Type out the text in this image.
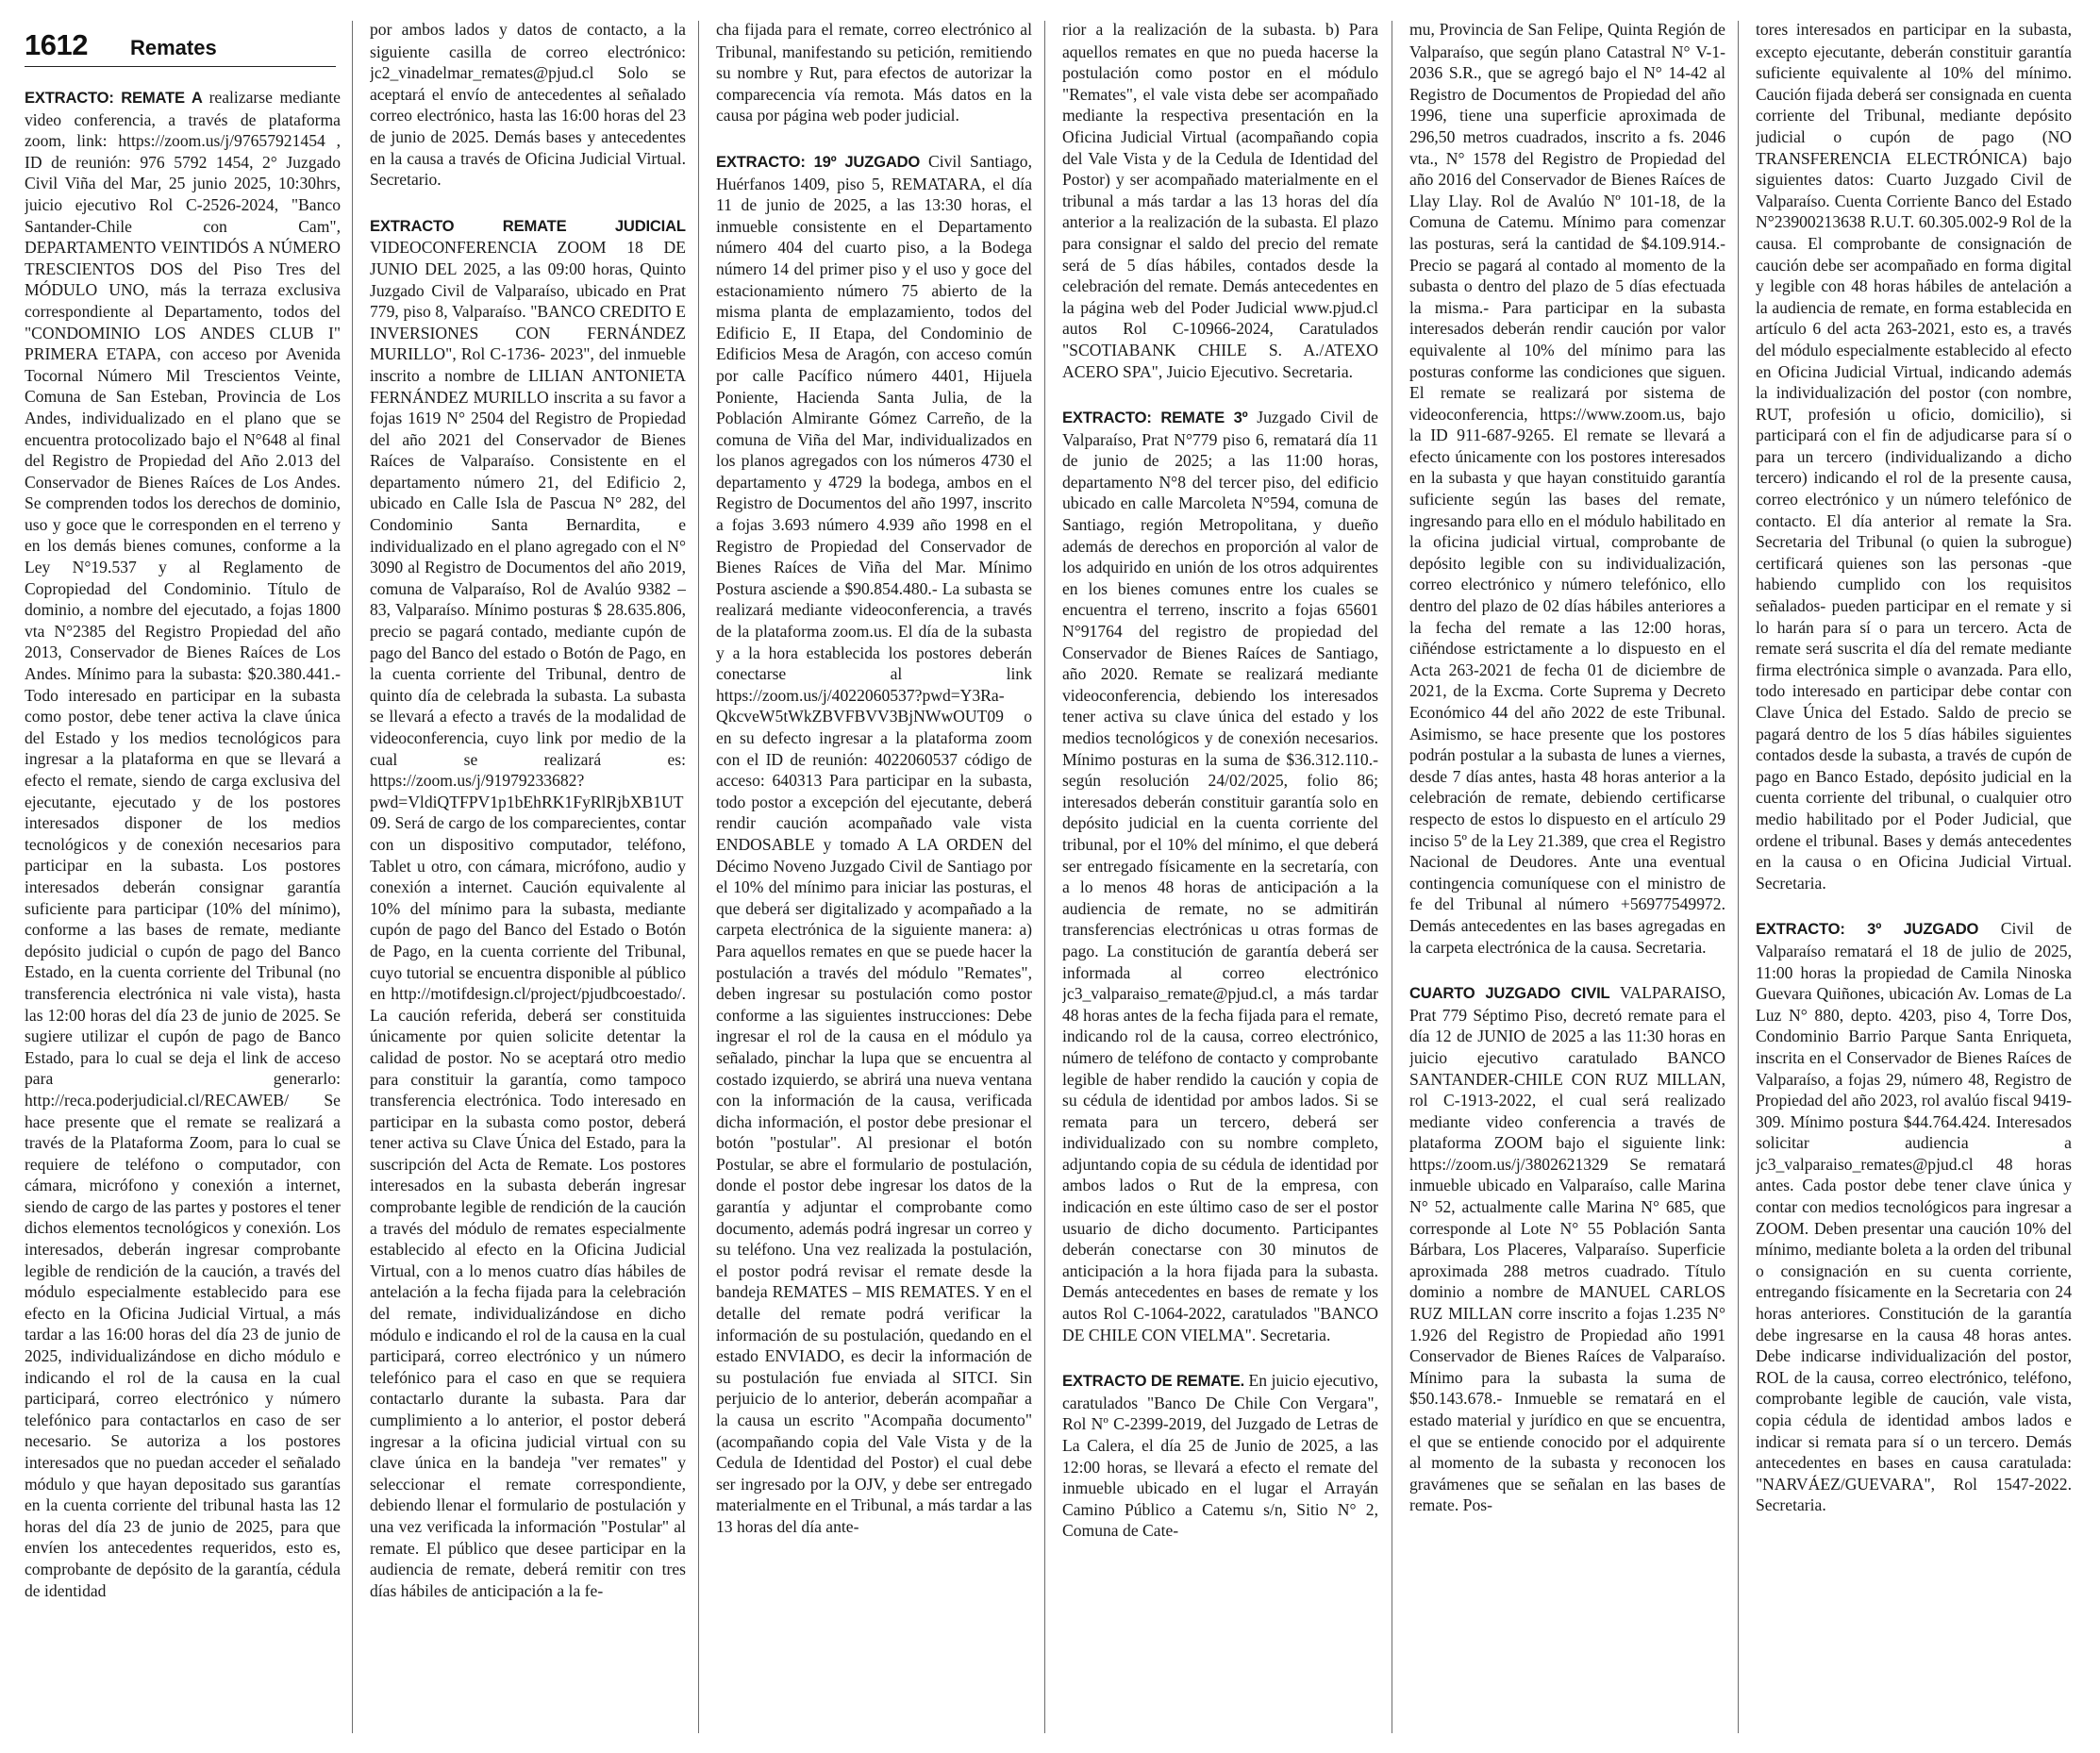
1612 Remates
EXTRACTO: REMATE A realizarse mediante video conferencia, a través de plataforma zoom, link: https://zoom.us/j/97657921454 , ID de reunión: 976 5792 1454, 2° Juzgado Civil Viña del Mar, 25 junio 2025, 10:30hrs, juicio ejecutivo Rol C-2526-2024, "Banco Santander-Chile con Cam", DEPARTAMENTO VEINTIDÓS A NÚMERO TRESCIENTOS DOS del Piso Tres del MÓDULO UNO, más la terraza exclusiva correspondiente al Departamento, todos del "CONDOMINIO LOS ANDES CLUB I" PRIMERA ETAPA, con acceso por Avenida Tocornal Número Mil Trescientos Veinte, Comuna de San Esteban, Provincia de Los Andes, individualizado en el plano que se encuentra protocolizado bajo el N°648 al final del Registro de Propiedad del Año 2.013 del Conservador de Bienes Raíces de Los Andes. Se comprenden todos los derechos de dominio, uso y goce que le corresponden en el terreno y en los demás bienes comunes, conforme a la Ley N°19.537 y al Reglamento de Copropiedad del Condominio. Título de dominio, a nombre del ejecutado, a fojas 1800 vta N°2385 del Registro Propiedad del año 2013, Conservador de Bienes Raíces de Los Andes. Mínimo para la subasta: $20.380.441.- Todo interesado en participar en la subasta como postor, debe tener activa la clave única del Estado y los medios tecnológicos para ingresar a la plataforma en que se llevará a efecto el remate, siendo de carga exclusiva del ejecutante, ejecutado y de los postores interesados disponer de los medios tecnológicos y de conexión necesarios para participar en la subasta. Los postores interesados deberán consignar garantía suficiente para participar (10% del mínimo), conforme a las bases de remate, mediante depósito judicial o cupón de pago del Banco Estado, en la cuenta corriente del Tribunal (no transferencia electrónica ni vale vista), hasta las 12:00 horas del día 23 de junio de 2025. Se sugiere utilizar el cupón de pago de Banco Estado, para lo cual se deja el link de acceso para generarlo: http://reca.poderjudicial.cl/RECAWEB/ Se hace presente que el remate se realizará a través de la Plataforma Zoom, para lo cual se requiere de teléfono o computador, con cámara, micrófono y conexión a internet, siendo de cargo de las partes y postores el tener dichos elementos tecnológicos y conexión. Los interesados, deberán ingresar comprobante legible de rendición de la caución, a través del módulo especialmente establecido para ese efecto en la Oficina Judicial Virtual, a más tardar a las 16:00 horas del día 23 de junio de 2025, individualizándose en dicho módulo e indicando el rol de la causa en la cual participará, correo electrónico y número telefónico para contactarlos en caso de ser necesario. Se autoriza a los postores interesados que no puedan acceder el señalado módulo y que hayan depositado sus garantías en la cuenta corriente del tribunal hasta las 12 horas del día 23 de junio de 2025, para que envíen los antecedentes requeridos, esto es, comprobante de depósito de la garantía, cédula de identidad
por ambos lados y datos de contacto, a la siguiente casilla de correo electrónico: jc2_vinadelmar_remates@pjud.cl Solo se aceptará el envío de antecedentes al señalado correo electrónico, hasta las 16:00 horas del 23 de junio de 2025. Demás bases y antecedentes en la causa a través de Oficina Judicial Virtual. Secretario.
EXTRACTO REMATE JUDICIAL VIDEOCONFERENCIA ZOOM 18 DE JUNIO DEL 2025, a las 09:00 horas, Quinto Juzgado Civil de Valparaíso, ubicado en Prat 779, piso 8, Valparaíso. "BANCO CREDITO E INVERSIONES CON FERNÁNDEZ MURILLO", Rol C-1736- 2023", del inmueble inscrito a nombre de LILIAN ANTONIETA FERNÁNDEZ MURILLO inscrita a su favor a fojas 1619 N° 2504 del Registro de Propiedad del año 2021 del Conservador de Bienes Raíces de Valparaíso. Consistente en el departamento número 21, del Edificio 2, ubicado en Calle Isla de Pascua N° 282, del Condominio Santa Bernardita, e individualizado en el plano agregado con el N° 3090 al Registro de Documentos del año 2019, comuna de Valparaíso, Rol de Avalúo 9382 – 83, Valparaíso. Mínimo posturas $ 28.635.806, precio se pagará contado, mediante cupón de pago del Banco del estado o Botón de Pago, en la cuenta corriente del Tribunal, dentro de quinto día de celebrada la subasta. La subasta se llevará a efecto a través de la modalidad de videoconferencia, cuyo link por medio de la cual se realizará es: https://zoom.us/j/91979233682?pwd=VldiQTFPV1p1bEhRK1FyRlRjbXB1UT09. Será de cargo de los comparecientes, contar con un dispositivo computador, teléfono, Tablet u otro, con cámara, micrófono, audio y conexión a internet. Caución equivalente al 10% del mínimo para la subasta, mediante cupón de pago del Banco del Estado o Botón de Pago, en la cuenta corriente del Tribunal, cuyo tutorial se encuentra disponible al público en http://motifdesign.cl/project/pjudbcoestado/. La caución referida, deberá ser constituida únicamente por quien solicite detentar la calidad de postor. No se aceptará otro medio para constituir la garantía, como tampoco transferencia electrónica. Todo interesado en participar en la subasta como postor, deberá tener activa su Clave Única del Estado, para la suscripción del Acta de Remate. Los postores interesados en la subasta deberán ingresar comprobante legible de rendición de la caución a través del módulo de remates especialmente establecido al efecto en la Oficina Judicial Virtual, con a lo menos cuatro días hábiles de antelación a la fecha fijada para la celebración del remate, individualizándose en dicho módulo e indicando el rol de la causa en la cual participará, correo electrónico y un número telefónico para el caso en que se requiera contactarlo durante la subasta. Para dar cumplimiento a lo anterior, el postor deberá ingresar a la oficina judicial virtual con su clave única en la bandeja "ver remates" y seleccionar el remate correspondiente, debiendo llenar el formulario de postulación y una vez verificada la información "Postular" al remate. El público que desee participar en la audiencia de remate, deberá remitir con tres días hábiles de anticipación a la fe-
cha fijada para el remate, correo electrónico al Tribunal, manifestando su petición, remitiendo su nombre y Rut, para efectos de autorizar la comparecencia vía remota. Más datos en la causa por página web poder judicial.
EXTRACTO: 19º JUZGADO Civil Santiago, Huérfanos 1409, piso 5, REMATARA, el día 11 de junio de 2025, a las 13:30 horas, el inmueble consistente en el Departamento número 404 del cuarto piso, a la Bodega número 14 del primer piso y el uso y goce del estacionamiento número 75 abierto de la misma planta de emplazamiento, todos del Edificio E, II Etapa, del Condominio de Edificios Mesa de Aragón, con acceso común por calle Pacífico número 4401, Hijuela Poniente, Hacienda Santa Julia, de la Población Almirante Gómez Carreño, de la comuna de Viña del Mar, individualizados en los planos agregados con los números 4730 el departamento y 4729 la bodega, ambos en el Registro de Documentos del año 1997, inscrito a fojas 3.693 número 4.939 año 1998 en el Registro de Propiedad del Conservador de Bienes Raíces de Viña del Mar. Mínimo Postura asciende a $90.854.480.- La subasta se realizará mediante videoconferencia, a través de la plataforma zoom.us. El día de la subasta y a la hora establecida los postores deberán conectarse al link https://zoom.us/j/4022060537?pwd=Y3Ra-QkcveW5tWkZBVFBVV3BjNWwOUT09 o en su defecto ingresar a la plataforma zoom con el ID de reunión: 4022060537 código de acceso: 640313 Para participar en la subasta, todo postor a excepción del ejecutante, deberá rendir caución acompañado vale vista ENDOSABLE y tomado A LA ORDEN del Décimo Noveno Juzgado Civil de Santiago por el 10% del mínimo para iniciar las posturas, el que deberá ser digitalizado y acompañado a la carpeta electrónica de la siguiente manera: a) Para aquellos remates en que se puede hacer la postulación a través del módulo "Remates", deben ingresar su postulación como postor conforme a las siguientes instrucciones: Debe ingresar el rol de la causa en el módulo ya señalado, pinchar la lupa que se encuentra al costado izquierdo, se abrirá una nueva ventana con la información de la causa, verificada dicha información, el postor debe presionar el botón "postular". Al presionar el botón Postular, se abre el formulario de postulación, donde el postor debe ingresar los datos de la garantía y adjuntar el comprobante como documento, además podrá ingresar un correo y su teléfono. Una vez realizada la postulación, el postor podrá revisar el remate desde la bandeja REMATES – MIS REMATES. Y en el detalle del remate podrá verificar la información de su postulación, quedando en el estado ENVIADO, es decir la información de su postulación fue enviada al SITCI. Sin perjuicio de lo anterior, deberán acompañar a la causa un escrito "Acompaña documento" (acompañando copia del Vale Vista y de la Cedula de Identidad del Postor) el cual debe ser ingresado por la OJV, y debe ser entregado materialmente en el Tribunal, a más tardar a las 13 horas del día ante-
rior a la realización de la subasta. b) Para aquellos remates en que no pueda hacerse la postulación como postor en el módulo "Remates", el vale vista debe ser acompañado mediante la respectiva presentación en la Oficina Judicial Virtual (acompañando copia del Vale Vista y de la Cedula de Identidad del Postor) y ser acompañado materialmente en el tribunal a más tardar a las 13 horas del día anterior a la realización de la subasta. El plazo para consignar el saldo del precio del remate será de 5 días hábiles, contados desde la celebración del remate. Demás antecedentes en la página web del Poder Judicial www.pjud.cl autos Rol C-10966-2024, Caratulados "SCOTIABANK CHILE S. A./ATEXO ACERO SPA", Juicio Ejecutivo. Secretaria.
EXTRACTO: REMATE 3º Juzgado Civil de Valparaíso, Prat N°779 piso 6, rematará día 11 de junio de 2025; a las 11:00 horas, departamento N°8 del tercer piso, del edificio ubicado en calle Marcoleta N°594, comuna de Santiago, región Metropolitana, y dueño además de derechos en proporción al valor de los adquirido en unión de los otros adquirentes en los bienes comunes entre los cuales se encuentra el terreno, inscrito a fojas 65601 N°91764 del registro de propiedad del Conservador de Bienes Raíces de Santiago, año 2020. Remate se realizará mediante videoconferencia, debiendo los interesados tener activa su clave única del estado y los medios tecnológicos y de conexión necesarios. Mínimo posturas en la suma de $36.312.110.- según resolución 24/02/2025, folio 86; interesados deberán constituir garantía solo en depósito judicial en la cuenta corriente del tribunal, por el 10% del mínimo, el que deberá ser entregado físicamente en la secretaría, con a lo menos 48 horas de anticipación a la audiencia de remate, no se admitirán transferencias electrónicas u otras formas de pago. La constitución de garantía deberá ser informada al correo electrónico jc3_valparaiso_remate@pjud.cl, a más tardar 48 horas antes de la fecha fijada para el remate, indicando rol de la causa, correo electrónico, número de teléfono de contacto y comprobante legible de haber rendido la caución y copia de su cédula de identidad por ambos lados. Si se remata para un tercero, deberá ser individualizado con su nombre completo, adjuntando copia de su cédula de identidad por ambos lados o Rut de la empresa, con indicación en este último caso de ser el postor usuario de dicho documento. Participantes deberán conectarse con 30 minutos de anticipación a la hora fijada para la subasta. Demás antecedentes en bases de remate y los autos Rol C-1064-2022, caratulados "BANCO DE CHILE CON VIELMA". Secretaria.
EXTRACTO DE REMATE. En juicio ejecutivo, caratulados "Banco De Chile Con Vergara", Rol Nº C-2399-2019, del Juzgado de Letras de La Calera, el día 25 de Junio de 2025, a las 12:00 horas, se llevará a efecto el remate del inmueble ubicado en el lugar el Arrayán Camino Público a Catemu s/n, Sitio N° 2, Comuna de Cate-
mu, Provincia de San Felipe, Quinta Región de Valparaíso, que según plano Catastral N° V-1-2036 S.R., que se agregó bajo el N° 14-42 al Registro de Documentos de Propiedad del año 1996, tiene una superficie aproximada de 296,50 metros cuadrados, inscrito a fs. 2046 vta., N° 1578 del Registro de Propiedad del año 2016 del Conservador de Bienes Raíces de Llay Llay. Rol de Avalúo Nº 101-18, de la Comuna de Catemu. Mínimo para comenzar las posturas, será la cantidad de $4.109.914.- Precio se pagará al contado al momento de la subasta o dentro del plazo de 5 días efectuada la misma.- Para participar en la subasta interesados deberán rendir caución por valor equivalente al 10% del mínimo para las posturas conforme las condiciones que siguen. El remate se realizará por sistema de videoconferencia, https://www.zoom.us, bajo la ID 911-687-9265. El remate se llevará a efecto únicamente con los postores interesados en la subasta y que hayan constituido garantía suficiente según las bases del remate, ingresando para ello en el módulo habilitado en la oficina judicial virtual, comprobante de depósito legible con su individualización, correo electrónico y número telefónico, ello dentro del plazo de 02 días hábiles anteriores a la fecha del remate a las 12:00 horas, ciñéndose estrictamente a lo dispuesto en el Acta 263-2021 de fecha 01 de diciembre de 2021, de la Excma. Corte Suprema y Decreto Económico 44 del año 2022 de este Tribunal. Asimismo, se hace presente que los postores podrán postular a la subasta de lunes a viernes, desde 7 días antes, hasta 48 horas anterior a la celebración de remate, debiendo certificarse respecto de estos lo dispuesto en el artículo 29 inciso 5º de la Ley 21.389, que crea el Registro Nacional de Deudores. Ante una eventual contingencia comuníquese con el ministro de fe del Tribunal al número +56977549972. Demás antecedentes en las bases agregadas en la carpeta electrónica de la causa. Secretaria.
CUARTO JUZGADO CIVIL VALPARAISO, Prat 779 Séptimo Piso, decretó remate para el día 12 de JUNIO de 2025 a las 11:30 horas en juicio ejecutivo caratulado BANCO SANTANDER-CHILE CON RUZ MILLAN, rol C-1913-2022, el cual será realizado mediante video conferencia a través de plataforma ZOOM bajo el siguiente link: https://zoom.us/j/3802621329 Se rematará inmueble ubicado en Valparaíso, calle Marina N° 52, actualmente calle Marina N° 685, que corresponde al Lote N° 55 Población Santa Bárbara, Los Placeres, Valparaíso. Superficie aproximada 288 metros cuadrado. Título dominio a nombre de MANUEL CARLOS RUZ MILLAN corre inscrito a fojas 1.235 N° 1.926 del Registro de Propiedad año 1991 Conservador de Bienes Raíces de Valparaíso. Mínimo para la subasta la suma de $50.143.678.- Inmueble se rematará en el estado material y jurídico en que se encuentra, el que se entiende conocido por el adquirente al momento de la subasta y reconocen los gravámenes que se señalan en las bases de remate. Pos-
tores interesados en participar en la subasta, excepto ejecutante, deberán constituir garantía suficiente equivalente al 10% del mínimo. Caución fijada deberá ser consignada en cuenta corriente del Tribunal, mediante depósito judicial o cupón de pago (NO TRANSFERENCIA ELECTRÓNICA) bajo siguientes datos: Cuarto Juzgado Civil de Valparaíso. Cuenta Corriente Banco del Estado N°23900213638 R.U.T. 60.305.002-9 Rol de la causa. El comprobante de consignación de caución debe ser acompañado en forma digital y legible con 48 horas hábiles de antelación a la audiencia de remate, en forma establecida en artículo 6 del acta 263-2021, esto es, a través del módulo especialmente establecido al efecto en Oficina Judicial Virtual, indicando además la individualización del postor (con nombre, RUT, profesión u oficio, domicilio), si participará con el fin de adjudicarse para sí o para un tercero (individualizando a dicho tercero) indicando el rol de la presente causa, correo electrónico y un número telefónico de contacto. El día anterior al remate la Sra. Secretaria del Tribunal (o quien la subrogue) certificará quienes son las personas -que habiendo cumplido con los requisitos señalados- pueden participar en el remate y si lo harán para sí o para un tercero. Acta de remate será suscrita el día del remate mediante firma electrónica simple o avanzada. Para ello, todo interesado en participar debe contar con Clave Única del Estado. Saldo de precio se pagará dentro de los 5 días hábiles siguientes contados desde la subasta, a través de cupón de pago en Banco Estado, depósito judicial en la cuenta corriente del tribunal, o cualquier otro medio habilitado por el Poder Judicial, que ordene el tribunal. Bases y demás antecedentes en la causa o en Oficina Judicial Virtual. Secretaria.
EXTRACTO: 3º JUZGADO Civil de Valparaíso rematará el 18 de julio de 2025, 11:00 horas la propiedad de Camila Ninoska Guevara Quiñones, ubicación Av. Lomas de La Luz N° 880, depto. 4203, piso 4, Torre Dos, Condominio Barrio Parque Santa Enriqueta, inscrita en el Conservador de Bienes Raíces de Valparaíso, a fojas 29, número 48, Registro de Propiedad del año 2023, rol avalúo fiscal 9419-309. Mínimo postura $44.764.424. Interesados solicitar audiencia a jc3_valparaiso_remates@pjud.cl 48 horas antes. Cada postor debe tener clave única y contar con medios tecnológicos para ingresar a ZOOM. Deben presentar una caución 10% del mínimo, mediante boleta a la orden del tribunal o consignación en su cuenta corriente, entregando físicamente en la Secretaria con 24 horas anteriores. Constitución de la garantía debe ingresarse en la causa 48 horas antes. Debe indicarse individualización del postor, ROL de la causa, correo electrónico, teléfono, comprobante legible de caución, vale vista, copia cédula de identidad ambos lados e indicar si remata para sí o un tercero. Demás antecedentes en bases en causa caratulada: "NARVÁEZ/GUEVARA", Rol 1547-2022. Secretaria.
